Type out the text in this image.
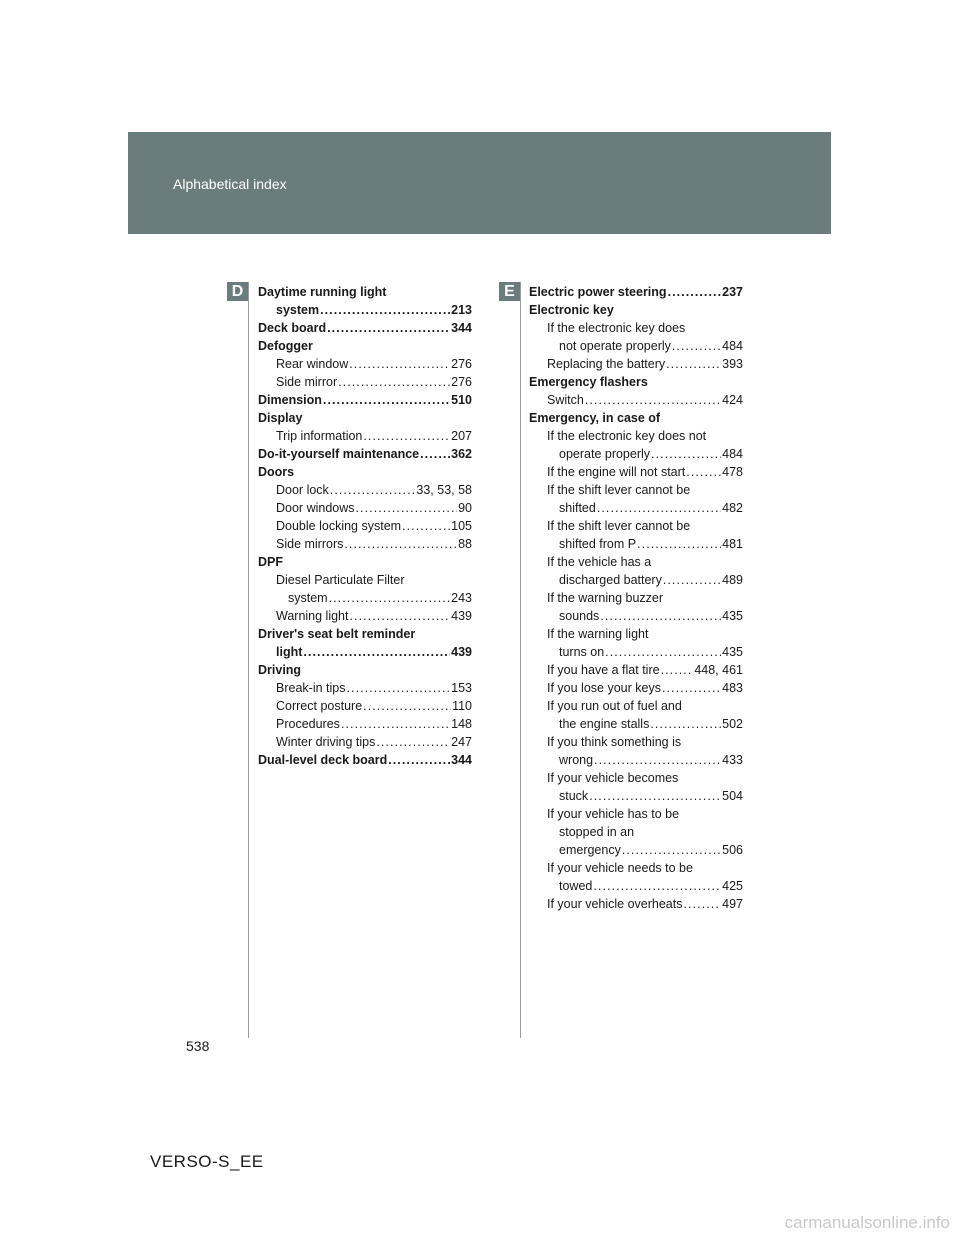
Alphabetical index
D	E
Daytime running light
system . . .	213
Deck board . . .	344
Defogger
Rear window . . .	276
Side mirror . . .	276
Dimension . . .	510
Display
Trip information . . .	207
Do-it-yourself maintenance . . .	362
Doors
Door lock . . .	33, 53, 58
Door windows . . .	90
Double locking system . . .	105
Side mirrors . . .	88
DPF
Diesel Particulate Filter
system . . .	243
Warning light . . .	439
Driver's seat belt reminder
light . . .	439
Driving
Break-in tips . . .	153
Correct posture . . .	110
Procedures . . .	148
Winter driving tips . . .	247
Dual-level deck board . . .	344
Electric power steering . . .	237
Electronic key
If the electronic key does
not operate properly . . .	484
Replacing the battery . . .	393
Emergency flashers
Switch . . .	424
Emergency, in case of
If the electronic key does not
operate properly . . .	484
If the engine will not start . . .	478
If the shift lever cannot be
shifted . . .	482
If the shift lever cannot be
shifted from P . . .	481
If the vehicle has a
discharged battery . . .	489
If the warning buzzer
sounds . . .	435
If the warning light
turns on . . .	435
If you have a flat tire . . .	448, 461
If you lose your keys . . .	483
If you run out of fuel and
the engine stalls . . .	502
If you think something is
wrong . . .	433
If your vehicle becomes
stuck . . .	504
If your vehicle has to be
stopped in an
emergency . . .	506
If your vehicle needs to be
towed . . .	425
If your vehicle overheats . . .	497
538
VERSO-S_EE
carmanualsonline.info
